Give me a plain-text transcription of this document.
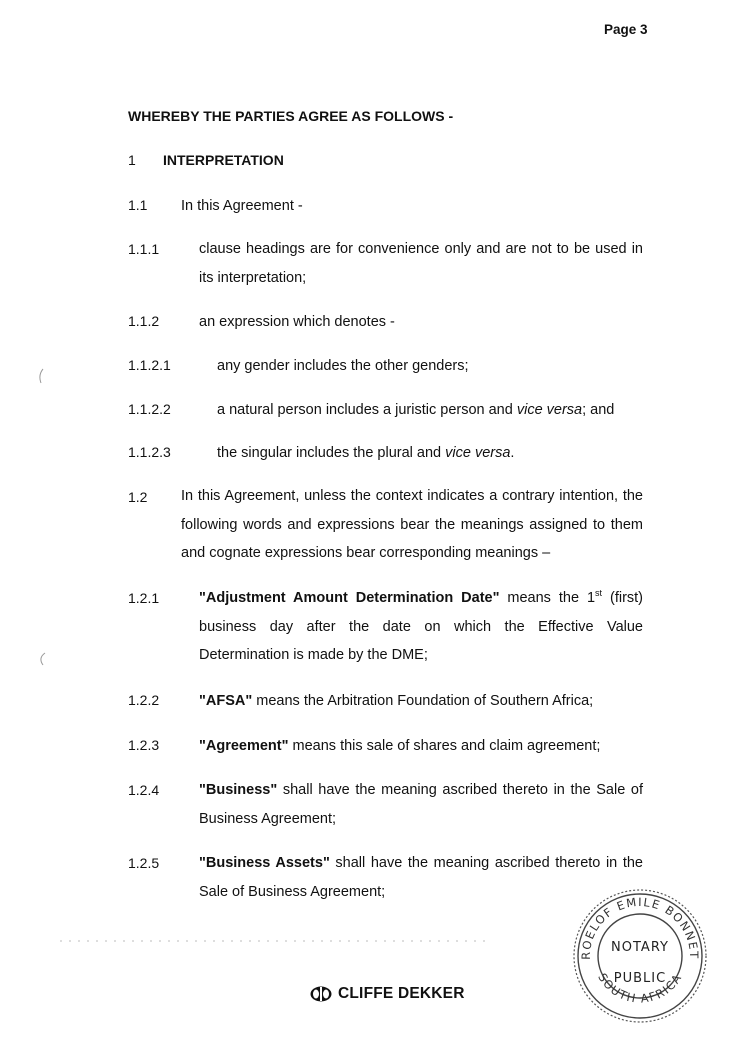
Page 3
WHEREBY THE PARTIES AGREE AS FOLLOWS -
1 INTERPRETATION
1.1 In this Agreement -
1.1.1	clause headings are for convenience only and are not to be used in its interpretation;
1.1.2	an expression which denotes -
1.1.2.1	any gender includes the other genders;
1.1.2.2	a natural person includes a juristic person and vice versa; and
1.1.2.3	the singular includes the plural and vice versa.
1.2 In this Agreement, unless the context indicates a contrary intention, the following words and expressions bear the meanings assigned to them and cognate expressions bear corresponding meanings –
1.2.1	"Adjustment Amount Determination Date" means the 1st (first) business day after the date on which the Effective Value Determination is made by the DME;
1.2.2	"AFSA" means the Arbitration Foundation of Southern Africa;
1.2.3	"Agreement" means this sale of shares and claim agreement;
1.2.4	"Business" shall have the meaning ascribed thereto in the Sale of Business Agreement;
1.2.5	"Business Assets" shall have the meaning ascribed thereto in the Sale of Business Agreement;
CLIFFE DEKKER
ROELOF EMILE BONNET
SOUTH AFRICA
NOTARY
PUBLIC
